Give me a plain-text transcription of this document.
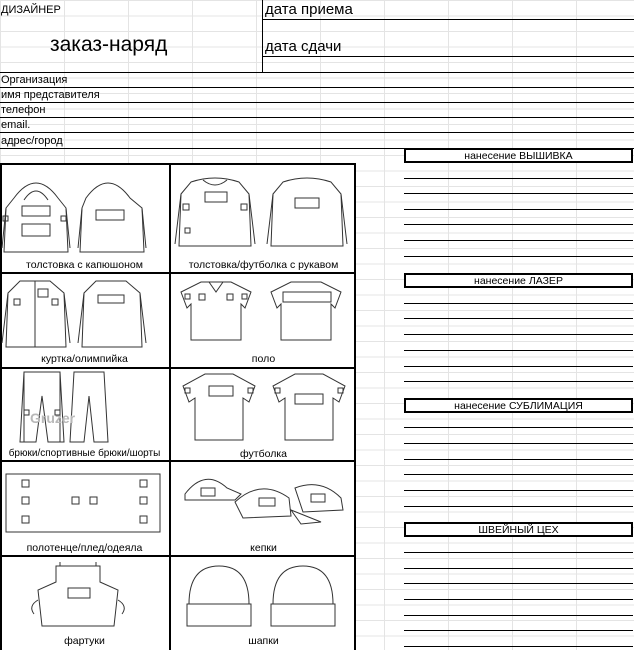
ДИЗАЙНЕР
заказ-наряд
дата приема
дата сдачи
Организация
имя представителя
телефон
email.
адрес/город
толстовка с капюшоном	толстовка/футболка с рукавом
куртка/олимпийка	поло
Gruzer
брюки/спортивные брюки/шорты	футболка
полотенце/плед/одеяла	кепки
фартуки	шапки
нанесение ВЫШИВКА
нанесение ЛАЗЕР
нанесение СУБЛИМАЦИЯ
ШВЕЙНЫЙ ЦЕХ
